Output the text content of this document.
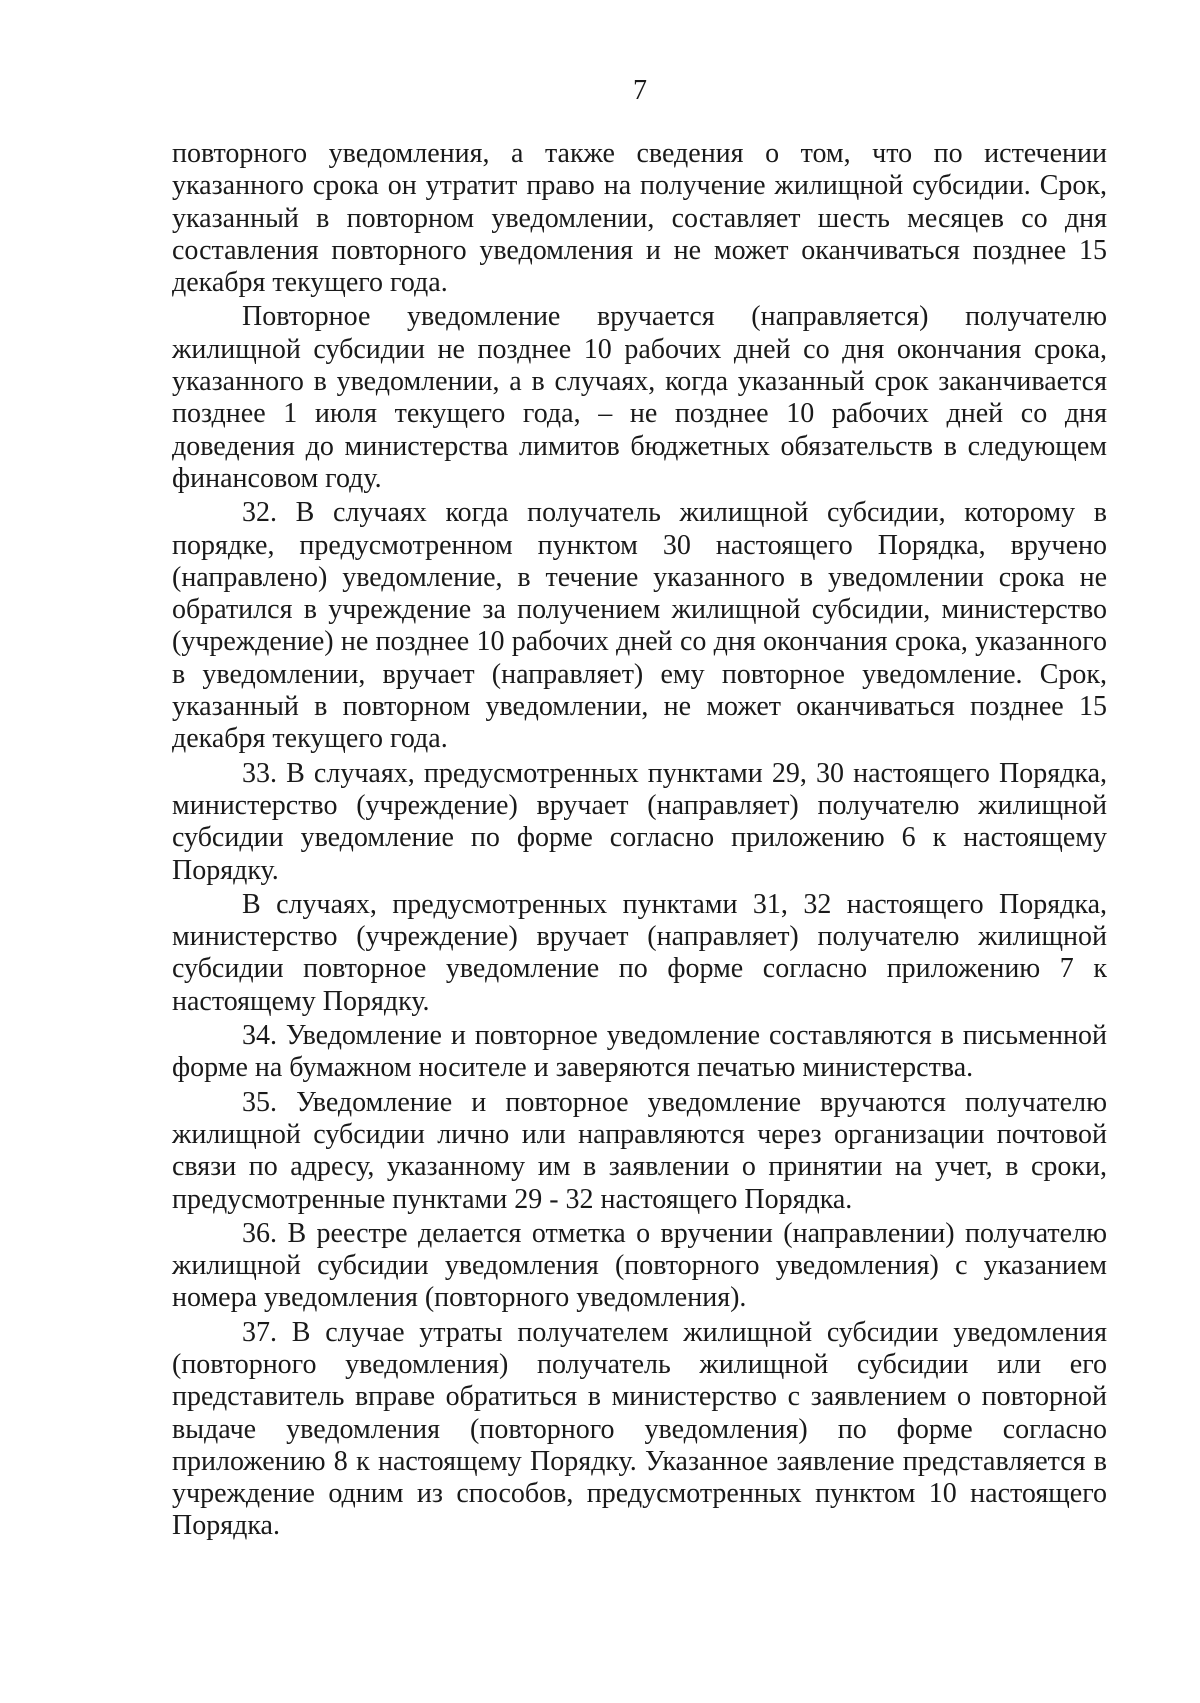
7

повторного уведомления, а также сведения о том, что по истечении указанного срока он утратит право на получение жилищной субсидии. Срок, указанный в повторном уведомлении, составляет шесть месяцев со дня составления повторного уведомления и не может оканчиваться позднее 15 декабря текущего года.

Повторное уведомление вручается (направляется) получателю жилищной субсидии не позднее 10 рабочих дней со дня окончания срока, указанного в уведомлении, а в случаях, когда указанный срок заканчивается позднее 1 июля текущего года, – не позднее 10 рабочих дней со дня доведения до министерства лимитов бюджетных обязательств в следующем финансовом году.

32. В случаях когда получатель жилищной субсидии, которому в порядке, предусмотренном пунктом 30 настоящего Порядка, вручено (направлено) уведомление, в течение указанного в уведомлении срока не обратился в учреждение за получением жилищной субсидии, министерство (учреждение) не позднее 10 рабочих дней со дня окончания срока, указанного в уведомлении, вручает (направляет) ему повторное уведомление. Срок, указанный в повторном уведомлении, не может оканчиваться позднее 15 декабря текущего года.

33. В случаях, предусмотренных пунктами 29, 30 настоящего Порядка, министерство (учреждение) вручает (направляет) получателю жилищной субсидии уведомление по форме согласно приложению 6 к настоящему Порядку.

В случаях, предусмотренных пунктами 31, 32 настоящего Порядка, министерство (учреждение) вручает (направляет) получателю жилищной субсидии повторное уведомление по форме согласно приложению 7 к настоящему Порядку.

34. Уведомление и повторное уведомление составляются в письменной форме на бумажном носителе и заверяются печатью министерства.

35. Уведомление и повторное уведомление вручаются получателю жилищной субсидии лично или направляются через организации почтовой связи по адресу, указанному им в заявлении о принятии на учет, в сроки, предусмотренные пунктами 29 - 32 настоящего Порядка.

36. В реестре делается отметка о вручении (направлении) получателю жилищной субсидии уведомления (повторного уведомления) с указанием номера уведомления (повторного уведомления).

37. В случае утраты получателем жилищной субсидии уведомления (повторного уведомления) получатель жилищной субсидии или его представитель вправе обратиться в министерство с заявлением о повторной выдаче уведомления (повторного уведомления) по форме согласно приложению 8 к настоящему Порядку. Указанное заявление представляется в учреждение одним из способов, предусмотренных пунктом 10 настоящего Порядка.
